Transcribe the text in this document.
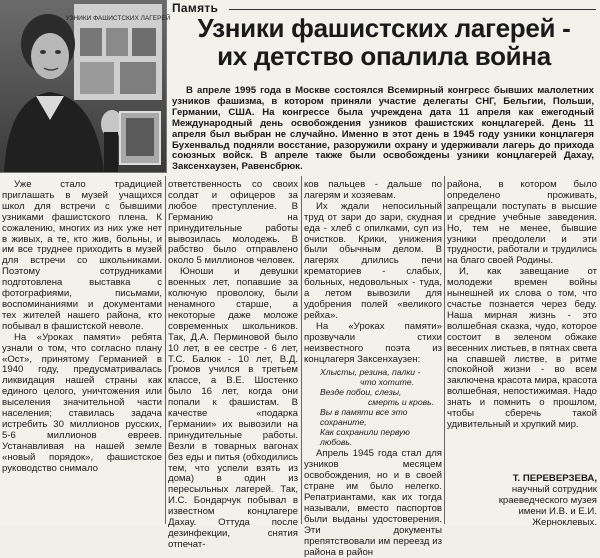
УЗНИКИ ФАШИСТСКИХ ЛАГЕРЕЙ
Память
Узники фашистских лагерей -
их детство опалила война

В апреле 1995 года в Москве состоялся Всемирный конгресс бывших малолетних узников фашизма, в котором приняли участие делегаты СНГ, Бельгии, Польши, Германии, США. На конгрессе была учреждена дата 11 апреля как ежегодный Международный день освобождения узников фашистских концлагерей. День 11 апреля был выбран не случайно. Именно в этот день в 1945 году узники концлагеря Бухенвальд подняли восстание, разоружили охрану и удерживали лагерь до прихода союзных войск. В апреле также были освобождены узники концлагерей Дахау, Заксенхаузен, Равенсбрюк.

Уже стало традицией приглашать в музей учащихся школ для встречи с бывшими узниками фашистского плена. К сожалению, многих из них уже нет в живых, а те, кто жив, больны, и им все труднее приходить в музей для встречи со школьниками. Поэтому сотрудниками подготовлена выставка с фотографиями, письмами, воспоминаниями и документами тех жителей нашего района, кто побывал в фашистской неволе.

На «Уроках памяти» ребята узнали о том, что согласно плану «Ост», принятому Германией в 1940 году, предусматривалась ликвидация нашей страны как единого целого, уничтожения или выселения значительной части населения; ставилась задача истребить 30 миллионов русских, 5-6 миллионов евреев. Устанавливая на нашей земле «новый порядок», фашистское руководство снимало

ответственность со своих солдат и офицеров за любое преступление. В Германию на принудительные работы вывозилась молодежь. В рабство было отправлено около 5 миллионов человек.

Юноши и девушки военных лет, попавшие за колючую проволоку, были ненамного старше, а некоторые даже моложе современных школьников. Так, Д.А. Перминовой было 10 лет, в ее сестре - 6 лет, Т.С. Балюк - 10 лет, В.Д. Громов учился в третьем классе, а В.Е. Шостенко было 16 лет, когда они попали к фашистам. В качестве «подарка Германии» их вывозили на принудительные работы. Везли в товарных вагонах без еды и питья (обходились тем, что успели взять из дома) в один из пересыльных лагерей. Так, И.С. Бондарчук побывал в известном концлагере Дахау. Оттуда после дезинфекции, снятия отпечат-

ков пальцев - дальше по лагерям и хозяевам.

Их ждали непосильный труд от зари до зари, скудная еда - хлеб с опилками, суп из очистков. Крики, унижения были обычным делом. В лагерях длились печи крематориев - слабых, больных, недовольных - туда, а летом вывозили для удобрения полей «великого рейха».

На «Уроках памяти» прозвучали стихи неизвестного поэта из концлагеря Заксенхаузен:

Хлысты, резина, палки -
что хотите.
Везде побои, слезы,
смерть и кровь.
Вы в памяти все это сохраните,
Как сохранили первую любовь.

Апрель 1945 года стал для узников месяцем освобождения, но и в своей стране им было нелегко. Репатриантами, как их тогда называли, вместо паспортов были выданы удостоверения. Эти документы препятствовали им переезд из района в район

района, в котором было определено проживать, запрещали поступать в высшие и средние учебные заведения. Но, тем не менее, бывшие узники преодолели и эти трудности, работали и трудились на благо своей Родины.

И, как завещание от молодежи времен войны нынешней их слова о том, что счастье познается через беду. Наша мирная жизнь - это волшебная сказка, чудо, которое состоит в зеленом обжаке весенних листьев, в пятнах света на спавшей листве, в ритме спокойной жизни - во всем заключена красота мира, красота волшебная, непостижимая. Надо знать и помнить о прошлом, чтобы сберечь такой удивительный и хрупкий мир.

Т. ПЕРЕВЕРЗЕВА,
научный сотрудник
краеведческого музея
имени И.В. и Е.И.
Жерноклевых.
